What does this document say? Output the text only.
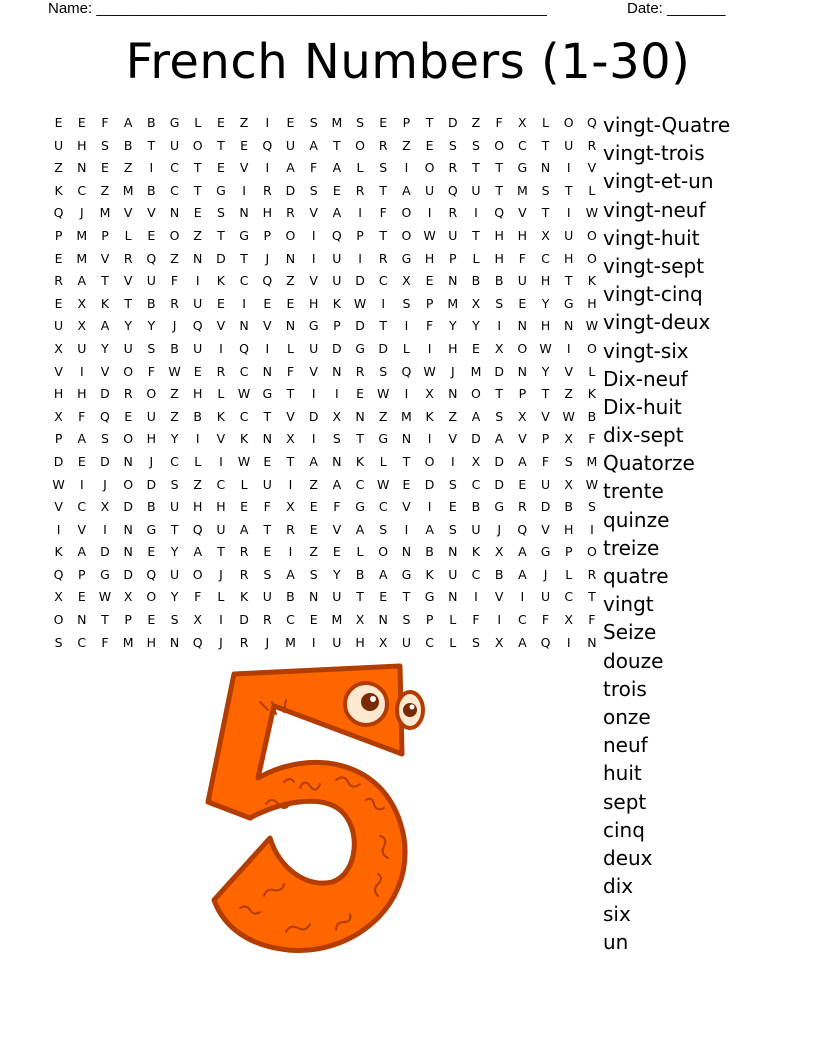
Name: ______________________________________________________	Date: _______
French Numbers (1-30)
E	E	F	A	B	G	L	E	Z	I	E	S	M	S	E	P	T	D	Z	F	X	L	O	Q
U	H	S	B	T	U	O	T	E	Q	U	A	T	O	R	Z	E	S	S	O	C	T	U	R
Z	N	E	Z	I	C	T	E	V	I	A	F	A	L	S	I	O	R	T	T	G	N	I	V
K	C	Z	M	B	C	T	G	I	R	D	S	E	R	T	A	U	Q	U	T	M	S	T	L
Q	J	M	V	V	N	E	S	N	H	R	V	A	I	F	O	I	R	I	Q	V	T	I	W
P	M	P	L	E	O	Z	T	G	P	O	I	Q	P	T	O W U	T	H	H	X	U	O
E	M	V	R	Q	Z	N	D	T	J	N	I	U	I	R	G	H	P	L	H	F	C	H	O
R	A	T	V	U	F	I	K	C	Q	Z	V	U	D	C	X	E	N	B	B	U	H	T	K
E	X	K	T	B	R	U	E	I	E	E	H	K	W	I	S	P	M	X	S	E	Y	G	H
U	X	A	Y	Y	J	Q	V	N	V	N	G	P	D	T	I	F	Y	Y	I	N	H	N W
X	U	Y	U	S	B	U	I	Q	I	L	U	D	G	D	L	I	H	E	X	O W	I	O
V	I	V	O	F	W	E	R	C	N	F	V	N	R	S	Q W	J	M	D	N	Y	V	L
H	H	D	R	O	Z	H	L	W G	T	I	I	E	W	I	X	N	O	T	P	T	Z	K
X	F	Q	E	U	Z	B	K	C	T	V	D	X	N	Z	M	K	Z	A	S	X	V	W	B
P	A	S	O	H	Y	I	V	K	N	X	I	S	T	G	N	I	V	D	A	V	P	X	F
D	E	D	N	J	C	L	I	W	E	T	A	N	K	L	T	O	I	X	D	A	F	S	M
W	I	J	O	D	S	Z	C	L	U	I	Z	A	C	W	E	D	S	C	D	E	U	X	W
V	C	X	D	B	U	H	H	E	F	X	E	F	G	C	V	I	E	B	G	R	D	B	S
I	V	I	N	G	T	Q	U	A	T	R	E	V	A	S	I	A	S	U	J	Q	V	H	I
K	A	D	N	E	Y	A	T	R	E	I	Z	E	L	O	N	B	N	K	X	A	G	P	O
Q	P	G	D	Q	U	O	J	R	S	A	S	Y	B	A	G	K	U	C	B	A	J	L	R
X	E	W	X	O	Y	F	L	K	U	B	N	U	T	E	T	G	N	I	V	I	U	C	T
O	N	T	P	E	S	X	I	D	R	C	E	M	X	N	S	P	L	F	I	C	F	X	F
S	C	F	M	H	N	Q	J	R	J	M	I	U	H	X	U	C	L	S	X	A	Q	I	N
vingt-Quatre
vingt-trois
vingt-et-un
vingt-neuf
vingt-huit
vingt-sept
vingt-cinq
vingt-deux
vingt-six
Dix-neuf
Dix-huit
dix-sept
Quatorze
trente
quinze
treize
quatre
vingt
Seize
douze
trois
onze
neuf
huit
sept
cinq
deux
dix
six
un
